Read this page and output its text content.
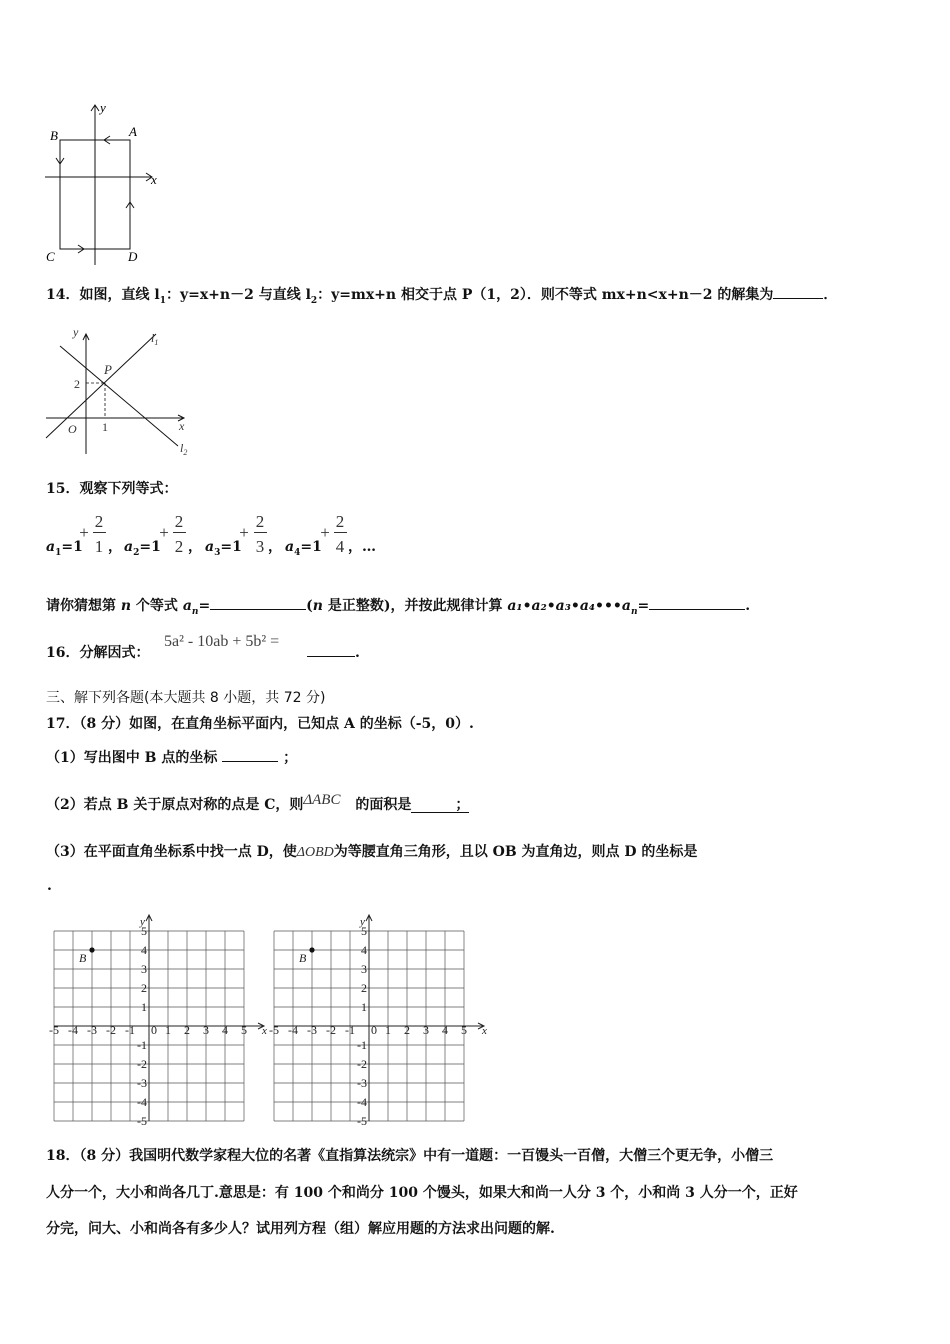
y
x
A
B
C	D
14．如图，直线 $l_1$：y=x+n－2 与直线 $l_2$：y=mx+n 相交于点 P（1，2）．则不等式 mx+n<x+n－2 的解集为	．
y	$l_1$
P
2
O 1	x
$l_2$
15．观察下列等式：
$a_1=1$
+
2
1 ， $a_2=1$
+
2
2 ， $a_3=1$
+
2
3 ， $a_4=1$
+
2
4 ，…
请你猜想第 n 个等式 $a_n=$	(n 是正整数)，并按此规律计算 $a_1•a_2•a_3•a_4•••a_n=$	.
16．分解因式：
5a² - 10ab + 5b² =
.
三、解下列各题(本大题共 8 小题，共 72 分)
17．（8 分）如图，在直角坐标平面内，已知点 A 的坐标（-5，0）.
（1）写出图中 B 点的坐标	；
（2）若点 B 关于原点对称的点是 C，则 ΔABC 的面积是	；
（3）在平面直角坐标系中找一点 D，使ΔOBD为等腰直角三角形，且以 OB 为直角边，则点 D 的坐标是
.
-5 -4 -3 -2 -1	1 2 3 4 5
0
5
4
3
2
1
-1
-2
-3
-4
-5
x
y
B
-5 -4 -3 -2 -1	1 2 3 4 5
0
5
4
3
2
1
-1
-2
-3
-4
-5
x
y
B
18．（8 分）我国明代数学家程大位的名著《直指算法统宗》中有一道题：一百馒头一百僧，大僧三个更无争，小僧三
人分一个，大小和尚各几丁.意思是：有 100 个和尚分 100 个馒头，如果大和尚一人分 3 个，小和尚 3 人分一个，正好
分完，问大、小和尚各有多少人？试用列方程（组）解应用题的方法求出问题的解.
